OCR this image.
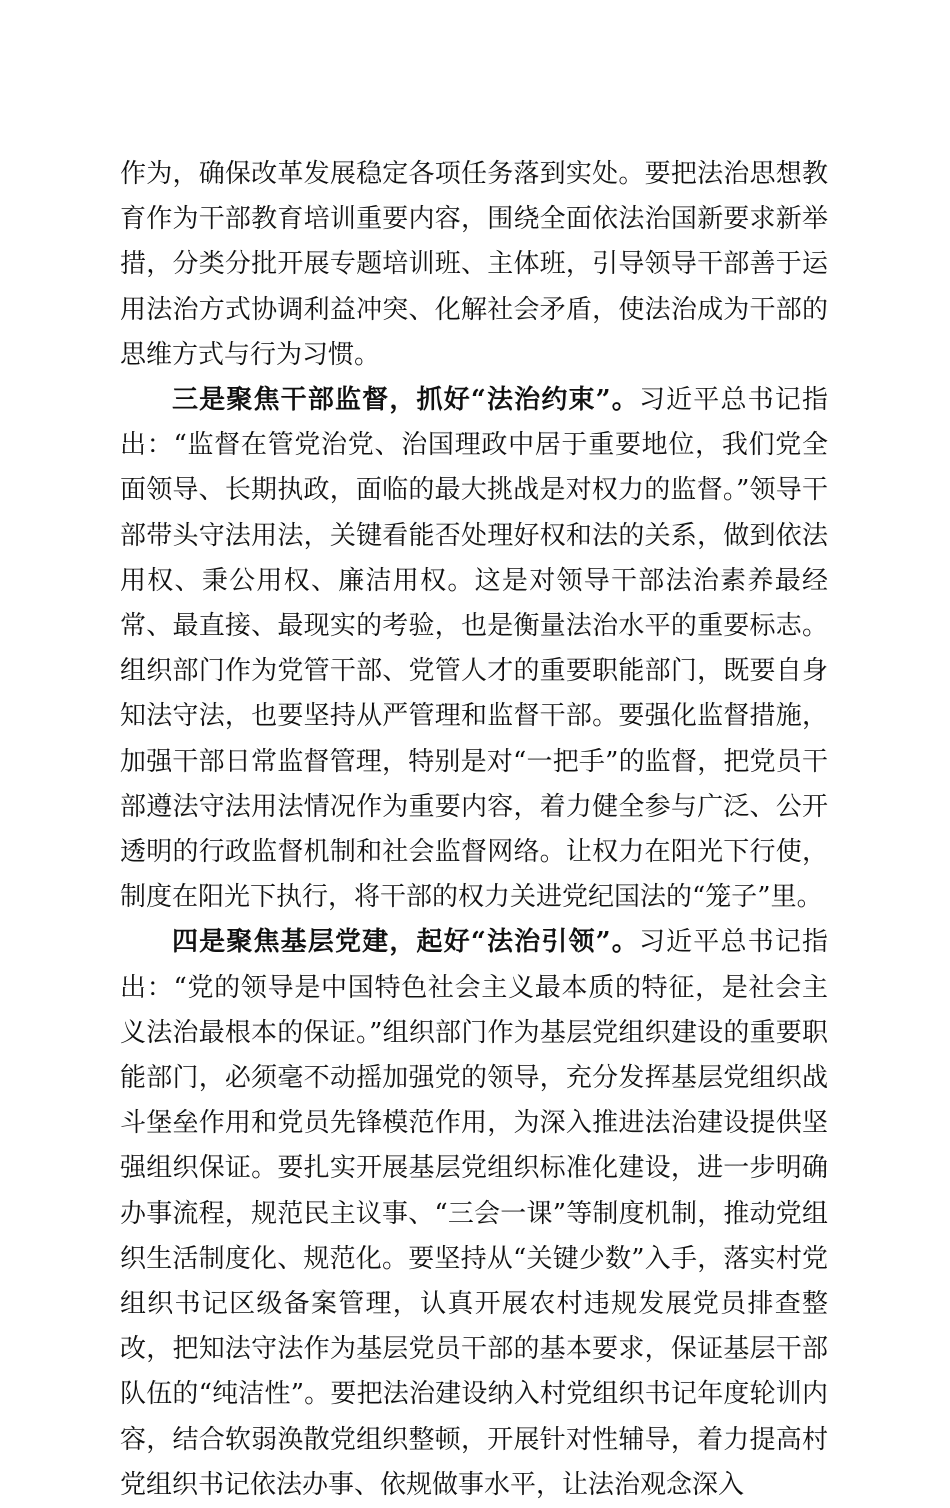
作为，确保改革发展稳定各项任务落到实处。要把法治思想教育作为干部教育培训重要内容，围绕全面依法治国新要求新举措，分类分批开展专题培训班、主体班，引导领导干部善于运用法治方式协调利益冲突、化解社会矛盾，使法治成为干部的思维方式与行为习惯。

三是聚焦干部监督，抓好“法治约束”。习近平总书记指出：“监督在管党治党、治国理政中居于重要地位，我们党全面领导、长期执政，面临的最大挑战是对权力的监督。”领导干部带头守法用法，关键看能否处理好权和法的关系，做到依法用权、秉公用权、廉洁用权。这是对领导干部法治素养最经常、最直接、最现实的考验，也是衡量法治水平的重要标志。组织部门作为党管干部、党管人才的重要职能部门，既要自身知法守法，也要坚持从严管理和监督干部。要强化监督措施，加强干部日常监督管理，特别是对“一把手”的监督，把党员干部遵法守法用法情况作为重要内容，着力健全参与广泛、公开透明的行政监督机制和社会监督网络。让权力在阳光下行使，制度在阳光下执行，将干部的权力关进党纪国法的“笼子”里。

四是聚焦基层党建，起好“法治引领”。习近平总书记指出：“党的领导是中国特色社会主义最本质的特征，是社会主义法治最根本的保证。”组织部门作为基层党组织建设的重要职能部门，必须毫不动摇加强党的领导，充分发挥基层党组织战斗堡垒作用和党员先锋模范作用，为深入推进法治建设提供坚强组织保证。要扎实开展基层党组织标准化建设，进一步明确办事流程，规范民主议事、“三会一课”等制度机制，推动党组织生活制度化、规范化。要坚持从“关键少数”入手，落实村党组织书记区级备案管理，认真开展农村违规发展党员排查整改，把知法守法作为基层党员干部的基本要求，保证基层干部队伍的“纯洁性”。要把法治建设纳入村党组织书记年度轮训内容，结合软弱涣散党组织整顿，开展针对性辅导，着力提高村党组织书记依法办事、依规做事水平，让法治观念深入
